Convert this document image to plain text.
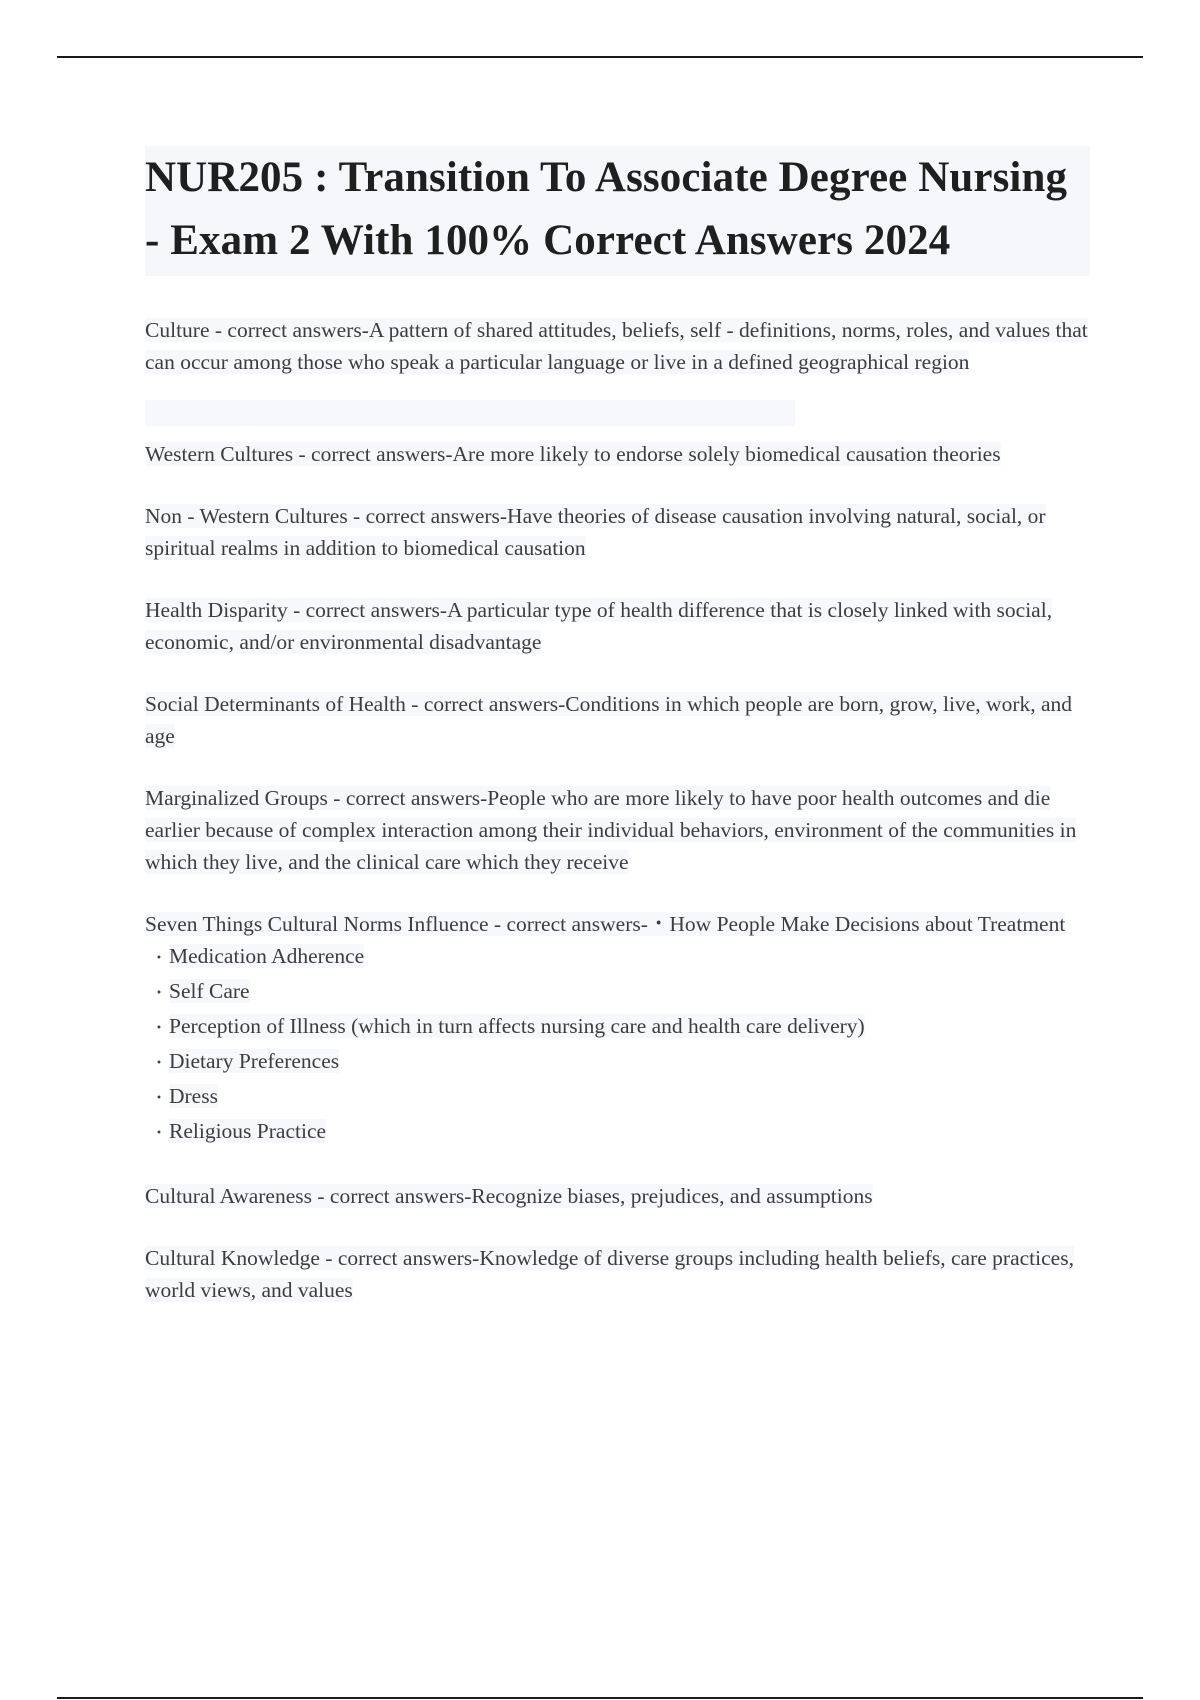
NUR205 : Transition To Associate Degree Nursing - Exam 2 With 100% Correct Answers 2024

Culture - correct answers-A pattern of shared attitudes, beliefs, self - definitions, norms, roles, and values that can occur among those who speak a particular language or live in a defined geographical region

Western Cultures - correct answers-Are more likely to endorse solely biomedical causation theories

Non - Western Cultures - correct answers-Have theories of disease causation involving natural, social, or spiritual realms in addition to biomedical causation

Health Disparity - correct answers-A particular type of health difference that is closely linked with social, economic, and/or environmental disadvantage

Social Determinants of Health - correct answers-Conditions in which people are born, grow, live, work, and age

Marginalized Groups - correct answers-People who are more likely to have poor health outcomes and die earlier because of complex interaction among their individual behaviors, environment of the communities in which they live, and the clinical care which they receive

Seven Things Cultural Norms Influence - correct answers-・How People Make Decisions about Treatment
・Medication Adherence
・Self Care
・Perception of Illness (which in turn affects nursing care and health care delivery)
・Dietary Preferences
・Dress
・Religious Practice

Cultural Awareness - correct answers-Recognize biases, prejudices, and assumptions

Cultural Knowledge - correct answers-Knowledge of diverse groups including health beliefs, care practices, world views, and values
